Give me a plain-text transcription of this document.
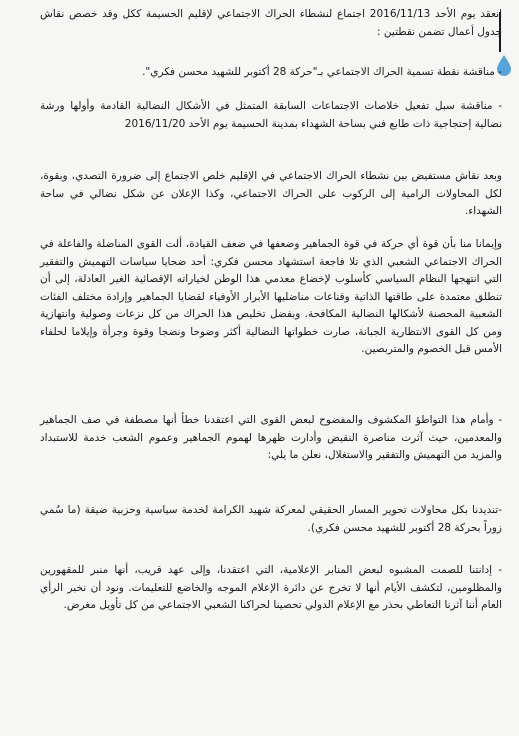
انعقد يوم الأحد 2016/11/13 اجتماع لنشطاء الحراك الاجتماعي لإقليم الحسيمة ككل وقد خصص نقاش جدول أعمال تضمن نقطتين :

- مناقشة نقطة تسمية الحراك الاجتماعي بـ"حركة 28 أكتوبر للشهيد محسن فكري".

- مناقشة سبل تفعيل خلاصات الاجتماعات السابقة المتمثل في الأشكال النضالية القادمة وأولها ورشة نضالية إحتجاجية ذات طابع فني بساحة الشهداء بمدينة الحسيمة يوم الأحد 2016/11/20

وبعد نقاش مستفيض بين نشطاء الحراك الاجتماعي في الإقليم خلص الاجتماع إلى ضرورة التصدي، وبقوة، لكل المحاولات الرامية إلى الركوب على الحراك الاجتماعي، وكذا الإعلان عن شكل نضالي في ساحة الشهداء.

وإيمانا منا بأن قوة أي حركة في قوة الجماهير وضعفها في ضعف القيادة، ألت القوى المناضلة والفاعلة في الحراك الاجتماعي الشعبي الذي تلا فاجعة استشهاد محسن فكري: أحد ضحايا سياسات التهميش والتفقير التي انتهجها النظام السياسي كأسلوب لإخضاع معدمي هذا الوطن لخياراته الإقصائية الغير العادلة، إلى أن تنطلق معتمدة على طاقتها الذاتية وقناعات مناضليها الأبرار الأوفياء لقضايا الجماهير وإرادة مختلف الفئات الشعبية المحصنة لأشكالها النضالية المكافحة. وبفضل تخليص هذا الحراك من كل نزعات وصولية وانتهازية ومن كل القوى الانتظارية الجبانة، صارت خطواتها النضالية أكثر وضوحا ونضجا وقوة وجرأة وإيلاما لحلفاء الأمس قبل الخصوم والمتربصين.

- وأمام هذا التواطؤ المكشوف والمفضوح لبعض القوى التي اعتقدنا خطأ أنها مصطفة في صف الجماهير والمعدمين، حيث آثرت مناصرة النقيض وأدارت ظهرها لهموم الجماهير وعموم الشعب خدمة للاستبداد والمزيد من التهميش والتفقير والاستغلال، نعلن ما يلي:

-تنديدنا بكل محاولات تحوير المسار الحقيقي لمعركة شهيد الكرامة لخدمة سياسية وحزبية ضيقة (ما سُمي زوراً بحركة 28 أكتوبر للشهيد محسن فكري).

- إدانتنا للصمت المشبوه لبعض المنابر الإعلامية، التي اعتقدنا، وإلى عهد قريب، أنها منبر للمقهورين والمظلومين، لتكشف الأيام أنها لا تخرج عن دائرة الإعلام الموجه والخاضع للتعليمات. ونود أن نخبر الرأي العام أننا آثرنا التعاطي بحذر مع الإعلام الدولي تحصينا لحراكنا الشعبي الاجتماعي من كل تأويل مغرض.
